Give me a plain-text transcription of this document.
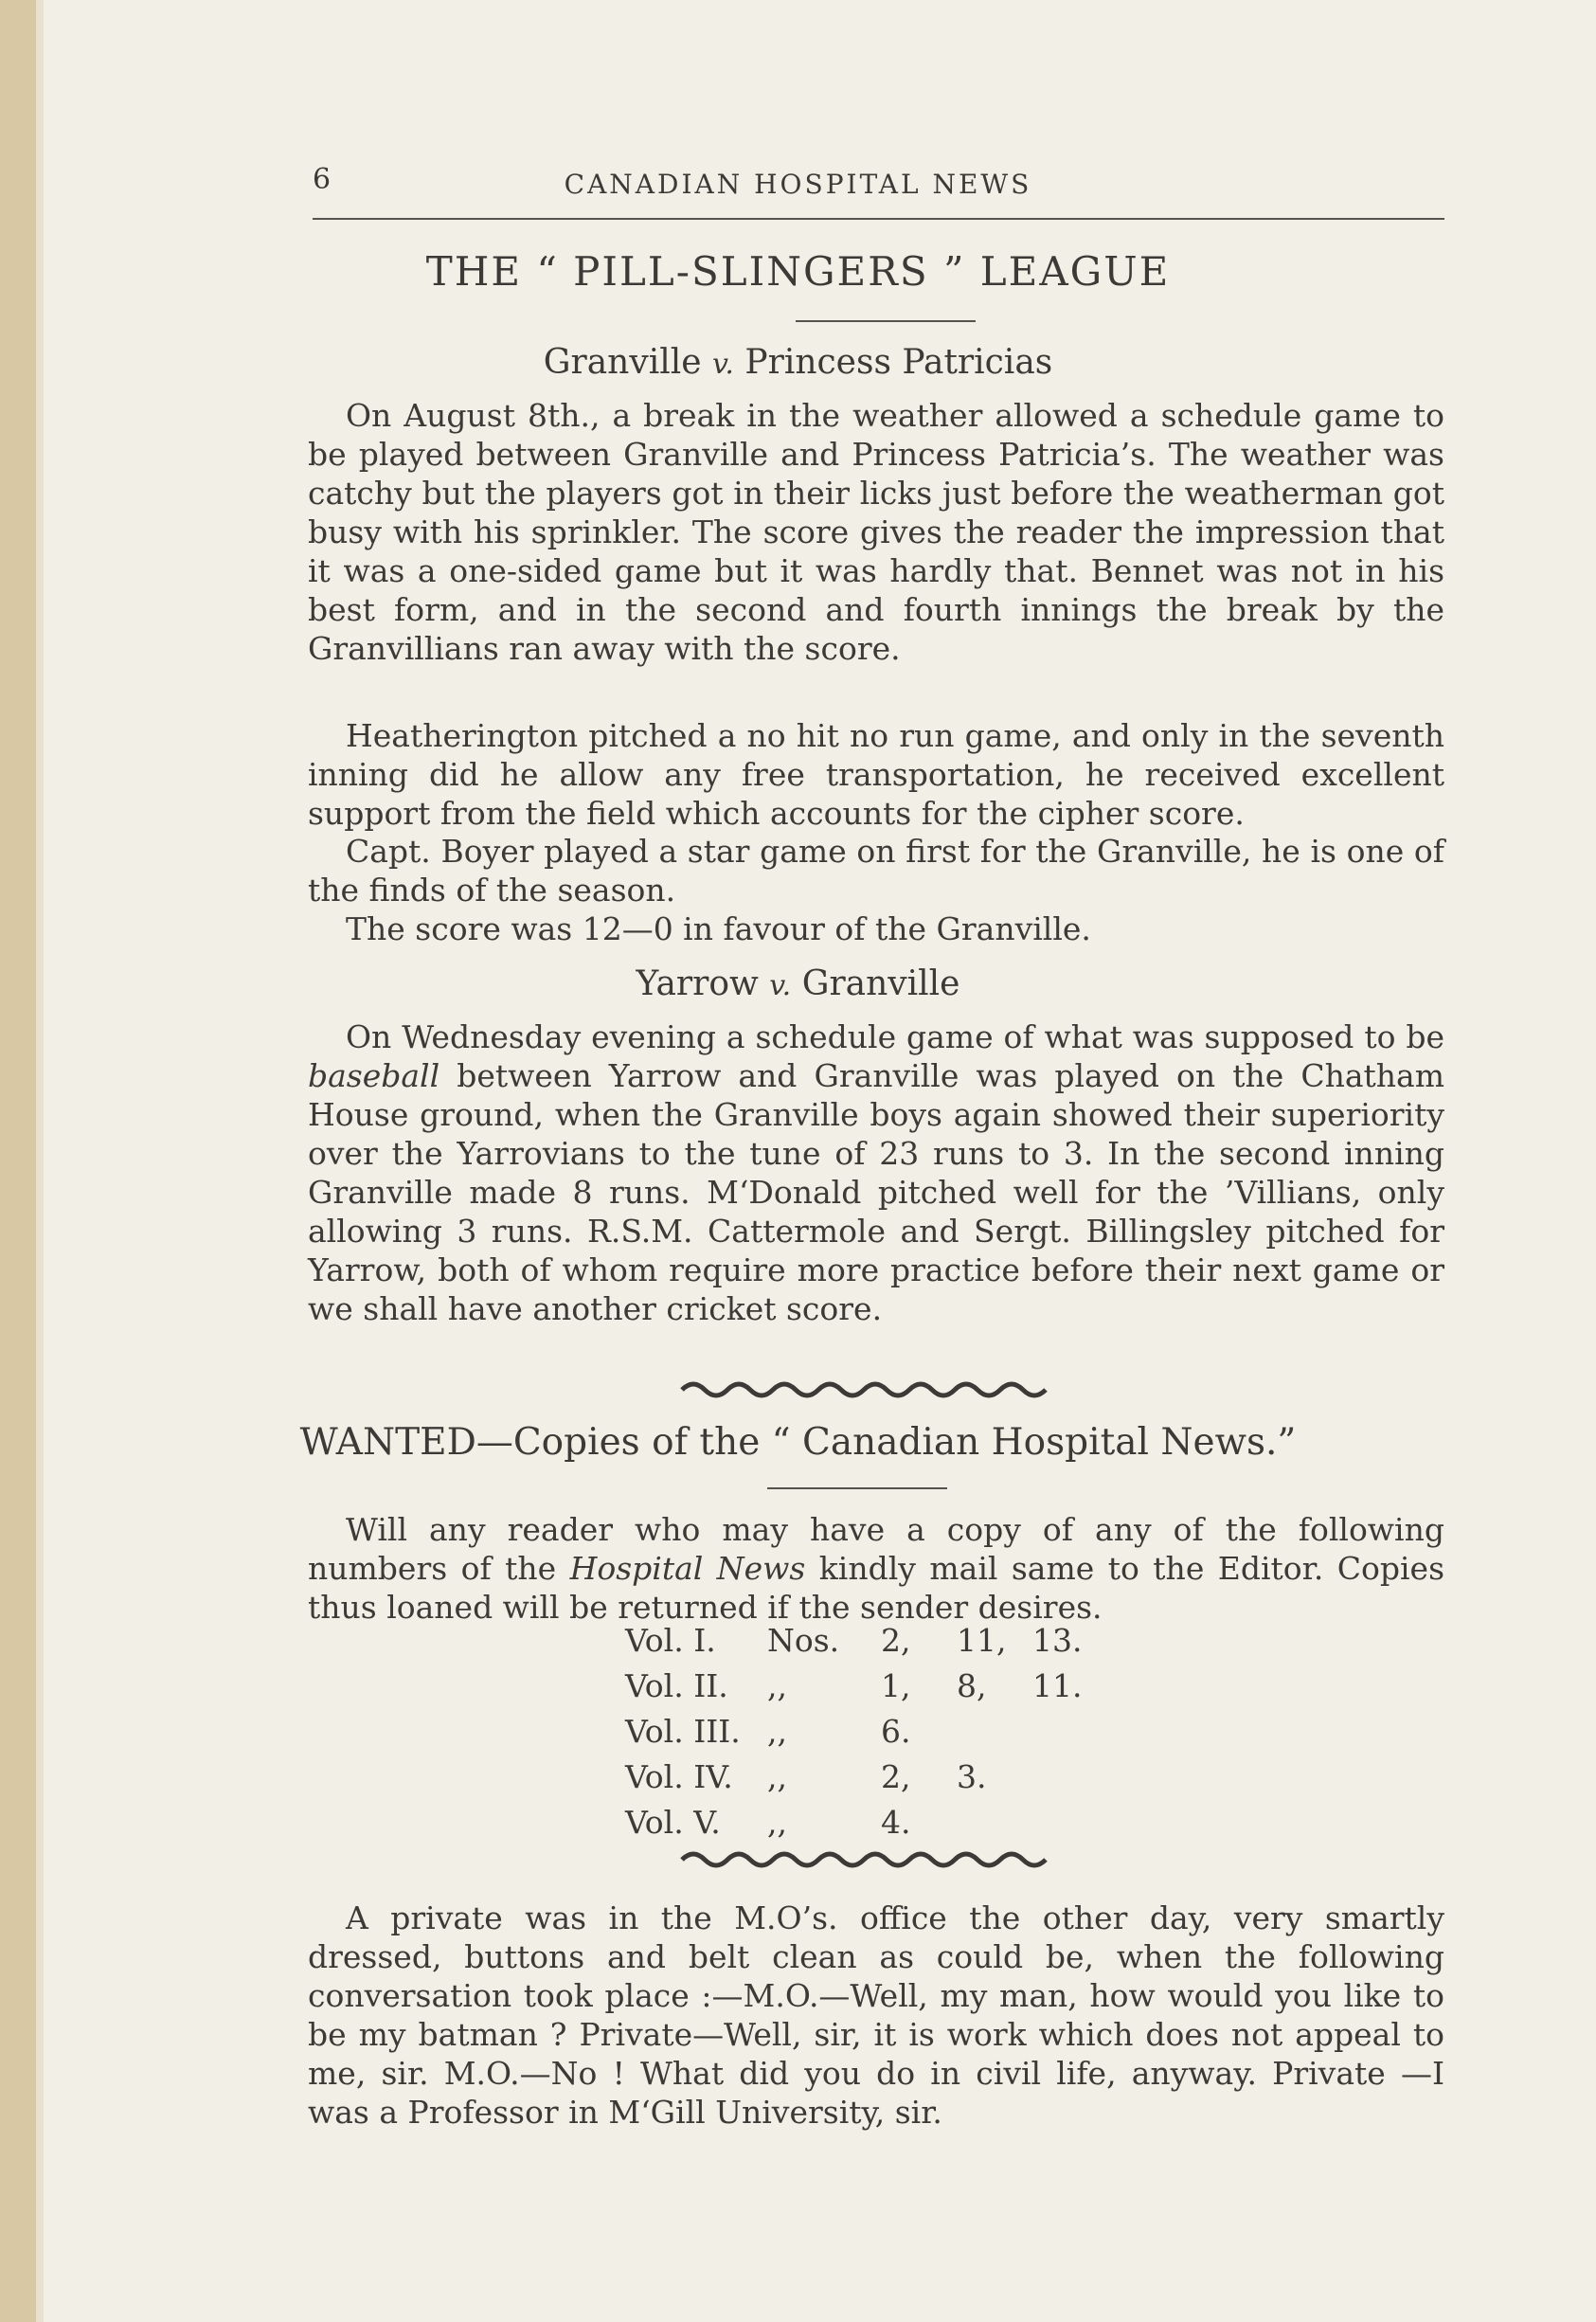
6	CANADIAN HOSPITAL NEWS
THE “ PILL-SLINGERS ” LEAGUE
Granville v. Princess Patricias

On August 8th., a break in the weather allowed a schedule game to be played between Granville and Princess Patricia’s. The weather was catchy but the players got in their licks just before the weatherman got busy with his sprinkler. The score gives the reader the impression that it was a one-sided game but it was hardly that. Bennet was not in his best form, and in the second and fourth innings the break by the Granvillians ran away with the score.

Heatherington pitched a no hit no run game, and only in the seventh inning did he allow any free transportation, he received excellent support from the field which accounts for the cipher score.

Capt. Boyer played a star game on first for the Granville, he is one of the finds of the season.

The score was 12—0 in favour of the Granville.

Yarrow v. Granville

On Wednesday evening a schedule game of what was supposed to be baseball between Yarrow and Granville was played on the Chatham House ground, when the Granville boys again showed their superiority over the Yarrovians to the tune of 23 runs to 3. In the second inning Granville made 8 runs. M‘Donald pitched well for the ’Villians, only allowing 3 runs. R.S.M. Cattermole and Sergt. Billingsley pitched for Yarrow, both of whom require more practice before their next game or we shall have another cricket score.

WANTED—Copies of the “ Canadian Hospital News.”

Will any reader who may have a copy of any of the following numbers of the Hospital News kindly mail same to the Editor. Copies thus loaned will be returned if the sender desires.

Vol. I.	Nos.	2,	11,	13.
Vol. II.	,,	1,	8,	11.
Vol. III.	,,	6.		
Vol. IV.	,,	2,	3.	
Vol. V.	,,	4.		

A private was in the M.O’s. office the other day, very smartly dressed, buttons and belt clean as could be, when the following conversation took place :—M.O.—Well, my man, how would you like to be my batman ? Private—Well, sir, it is work which does not appeal to me, sir. M.O.—No ! What did you do in civil life, anyway. Private —I was a Professor in M‘Gill University, sir.
